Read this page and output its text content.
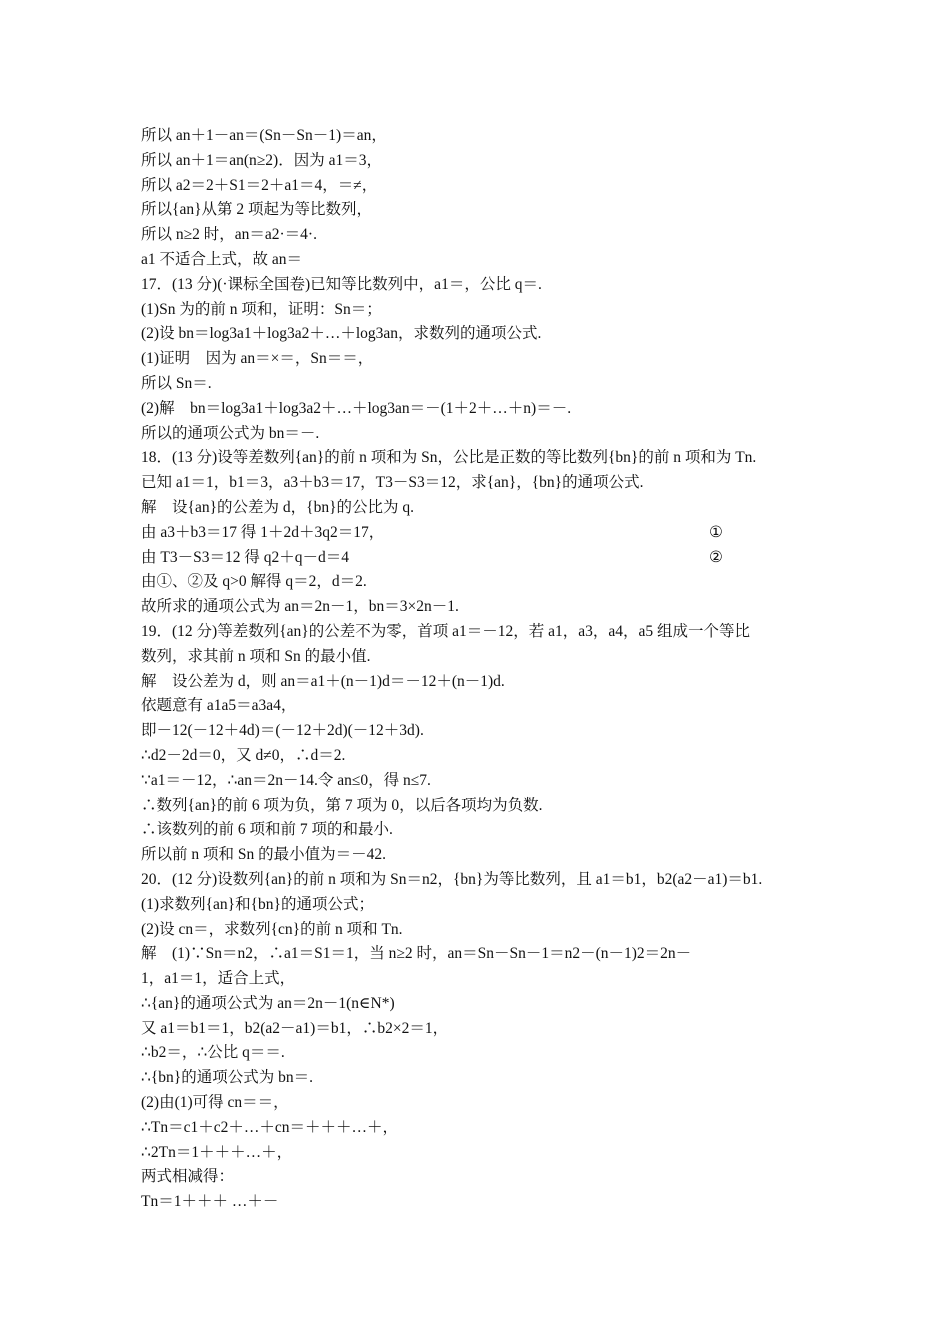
所以 an＋1－an＝(Sn－Sn－1)＝an，
所以 an＋1＝an(n≥2)．因为 a1＝3，
所以 a2＝2＋S1＝2＋a1＝4，＝≠，
所以{an}从第 2 项起为等比数列，
所以 n≥2 时，an＝a2·＝4·.
a1 不适合上式，故 an＝
17．(13 分)(·课标全国卷)已知等比数列中，a1＝，公比 q＝.
(1)Sn 为的前 n 项和，证明：Sn＝；
(2)设 bn＝log3a1＋log3a2＋…＋log3an，求数列的通项公式.
(1)证明　因为 an＝×＝，Sn＝＝，
所以 Sn＝.
(2)解　bn＝log3a1＋log3a2＋…＋log3an＝－(1＋2＋…＋n)＝－.
所以的通项公式为 bn＝－.
18．(13 分)设等差数列{an}的前 n 项和为 Sn，公比是正数的等比数列{bn}的前 n 项和为 Tn.
已知 a1＝1，b1＝3，a3＋b3＝17，T3－S3＝12，求{an}，{bn}的通项公式.
解　设{an}的公差为 d，{bn}的公比为 q.
由 a3＋b3＝17 得 1＋2d＋3q2＝17，	①
由 T3－S3＝12 得 q2＋q－d＝4	②
由①、②及 q>0 解得 q＝2，d＝2.
故所求的通项公式为 an＝2n－1，bn＝3×2n－1.
19．(12 分)等差数列{an}的公差不为零，首项 a1＝－12，若 a1，a3，a4，a5 组成一个等比
数列，求其前 n 项和 Sn 的最小值.
解　设公差为 d，则 an＝a1＋(n－1)d＝－12＋(n－1)d.
依题意有 a1a5＝a3a4，
即－12(－12＋4d)＝(－12＋2d)(－12＋3d).
∴d2－2d＝0，又 d≠0，∴d＝2.
∵a1＝－12，∴an＝2n－14.令 an≤0，得 n≤7.
∴数列{an}的前 6 项为负，第 7 项为 0，以后各项均为负数.
∴该数列的前 6 项和前 7 项的和最小.
所以前 n 项和 Sn 的最小值为＝－42.
20．(12 分)设数列{an}的前 n 项和为 Sn＝n2，{bn}为等比数列，且 a1＝b1，b2(a2－a1)＝b1.
(1)求数列{an}和{bn}的通项公式；
(2)设 cn＝，求数列{cn}的前 n 项和 Tn.
解　(1)∵Sn＝n2，∴a1＝S1＝1，当 n≥2 时，an＝Sn－Sn－1＝n2－(n－1)2＝2n－
1，a1＝1，适合上式，
∴{an}的通项公式为 an＝2n－1(n∈N*)
又 a1＝b1＝1，b2(a2－a1)＝b1，∴b2×2＝1，
∴b2＝，∴公比 q＝＝.
∴{bn}的通项公式为 bn＝.
(2)由(1)可得 cn＝＝，
∴Tn＝c1＋c2＋…＋cn＝＋＋＋…＋，
∴2Tn＝1＋＋＋…＋，
两式相减得：
Tn＝1＋＋＋ …＋－
